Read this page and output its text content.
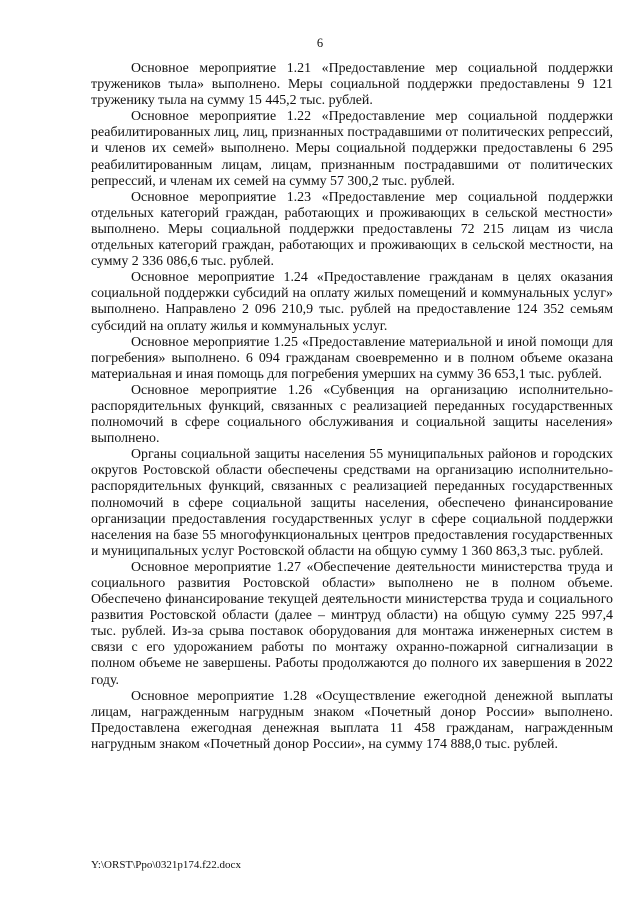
6

Основное мероприятие 1.21 «Предоставление мер социальной поддержки тружеников тыла» выполнено. Меры социальной поддержки предоставлены 9 121 труженику тыла на сумму 15 445,2 тыс. рублей.

Основное мероприятие 1.22 «Предоставление мер социальной поддержки реабилитированных лиц, лиц, признанных пострадавшими от политических репрессий, и членов их семей» выполнено. Меры социальной поддержки предоставлены 6 295 реабилитированным лицам, лицам, признанным пострадавшими от политических репрессий, и членам их семей на сумму 57 300,2 тыс. рублей.

Основное мероприятие 1.23 «Предоставление мер социальной поддержки отдельных категорий граждан, работающих и проживающих в сельской местности» выполнено. Меры социальной поддержки предоставлены 72 215 лицам из числа отдельных категорий граждан, работающих и проживающих в сельской местности, на сумму 2 336 086,6 тыс. рублей.

Основное мероприятие 1.24 «Предоставление гражданам в целях оказания социальной поддержки субсидий на оплату жилых помещений и коммунальных услуг» выполнено. Направлено 2 096 210,9 тыс. рублей на предоставление 124 352 семьям субсидий на оплату жилья и коммунальных услуг.

Основное мероприятие 1.25 «Предоставление материальной и иной помощи для погребения» выполнено. 6 094 гражданам своевременно и в полном объеме оказана материальная и иная помощь для погребения умерших на сумму 36 653,1 тыс. рублей.

Основное мероприятие 1.26 «Субвенция на организацию исполнительно-распорядительных функций, связанных с реализацией переданных государственных полномочий в сфере социального обслуживания и социальной защиты населения» выполнено.

Органы социальной защиты населения 55 муниципальных районов и городских округов Ростовской области обеспечены средствами на организацию исполнительно-распорядительных функций, связанных с реализацией переданных государственных полномочий в сфере социальной защиты населения, обеспечено финансирование организации предоставления государственных услуг в сфере социальной поддержки населения на базе 55 многофункциональных центров предоставления государственных и муниципальных услуг Ростовской области на общую сумму 1 360 863,3 тыс. рублей.

Основное мероприятие 1.27 «Обеспечение деятельности министерства труда и социального развития Ростовской области» выполнено не в полном объеме. Обеспечено финансирование текущей деятельности министерства труда и социального развития Ростовской области (далее – минтруд области) на общую сумму 225 997,4 тыс. рублей. Из-за срыва поставок оборудования для монтажа инженерных систем в связи с его удорожанием работы по монтажу охранно-пожарной сигнализации в полном объеме не завершены. Работы продолжаются до полного их завершения в 2022 году.

Основное мероприятие 1.28 «Осуществление ежегодной денежной выплаты лицам, награжденным нагрудным знаком «Почетный донор России» выполнено. Предоставлена ежегодная денежная выплата 11 458 гражданам, награжденным нагрудным знаком «Почетный донор России», на сумму 174 888,0 тыс. рублей.

Y:\ORST\Ppo\0321p174.f22.docx
